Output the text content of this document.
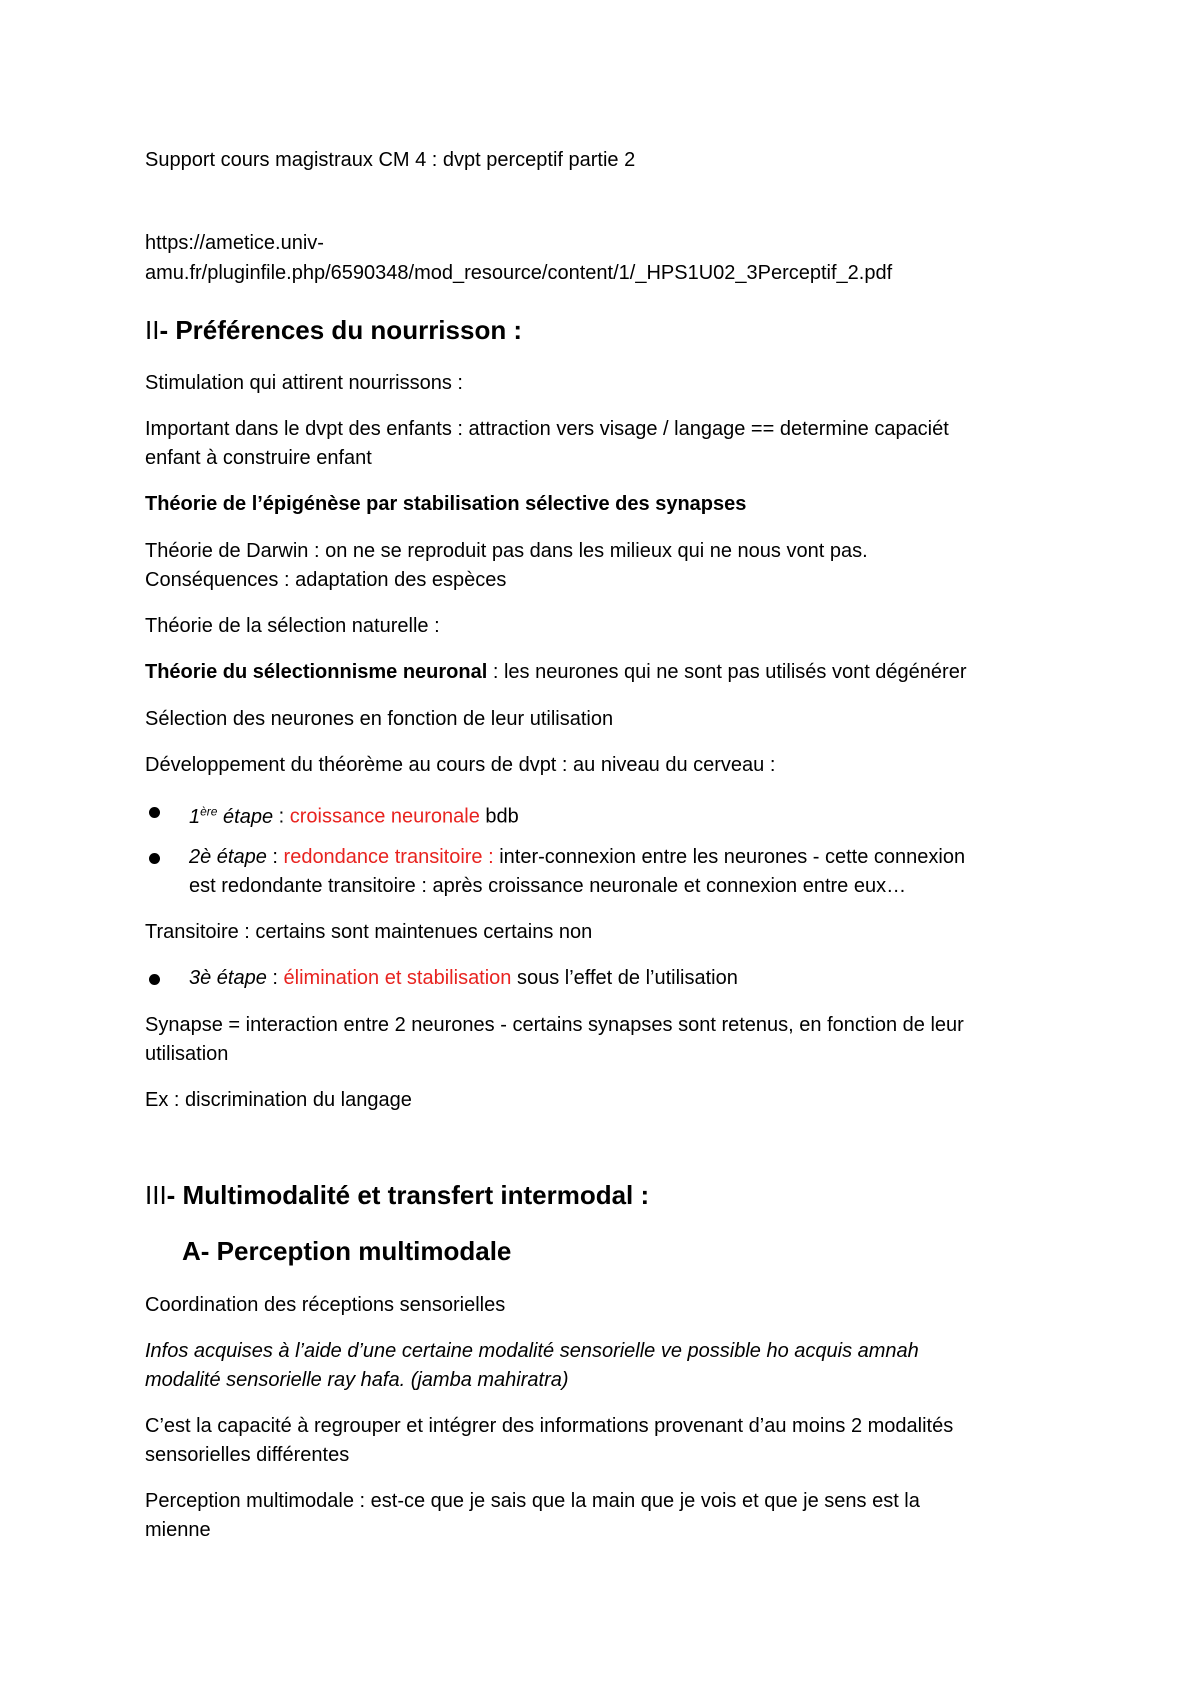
Support cours magistraux CM 4 : dvpt perceptif partie 2
https://ametice.univ-
amu.fr/pluginfile.php/6590348/mod_resource/content/1/_HPS1U02_3Perceptif_2.pdf
II- Préférences du nourrisson :
Stimulation qui attirent nourrissons :
Important dans le dvpt des enfants : attraction vers visage / langage == determine capaciét
enfant à construire enfant
Théorie de l’épigénèse par stabilisation sélective des synapses
Théorie de Darwin : on ne se reproduit pas dans les milieux qui ne nous vont pas.
Conséquences : adaptation des espèces
Théorie de la sélection naturelle :
Théorie du sélectionnisme neuronal : les neurones qui ne sont pas utilisés vont dégénérer
Sélection des neurones en fonction de leur utilisation
Développement du théorème au cours de dvpt : au niveau du cerveau :
1ère étape : croissance neuronale bdb
2è étape : redondance transitoire : inter-connexion entre les neurones - cette connexion
est redondante transitoire : après croissance neuronale et connexion entre eux…
Transitoire : certains sont maintenues certains non
3è étape : élimination et stabilisation sous l’effet de l’utilisation
Synapse = interaction entre 2 neurones - certains synapses sont retenus, en fonction de leur
utilisation
Ex : discrimination du langage
III- Multimodalité et transfert intermodal :
A- Perception multimodale
Coordination des réceptions sensorielles
Infos acquises à l’aide d’une certaine modalité sensorielle ve possible ho acquis amnah
modalité sensorielle ray hafa. (jamba mahiratra)
C’est la capacité à regrouper et intégrer des informations provenant d’au moins 2 modalités
sensorielles différentes
Perception multimodale : est-ce que je sais que la main que je vois et que je sens est la
mienne
